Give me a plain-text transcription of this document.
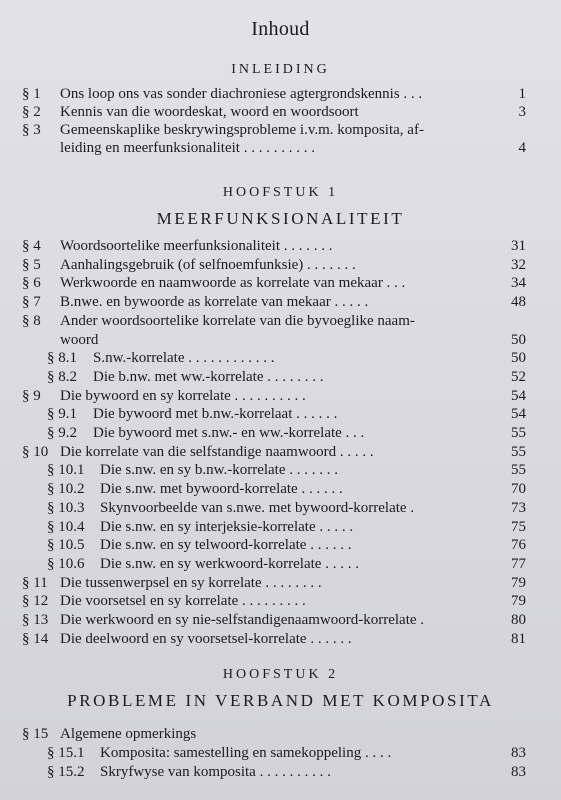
Inhoud
INLEIDING
§ 1 Ons loop ons vas sonder diachroniese agtergrondskennis . . .	1
§ 2 Kennis van die woordeskat, woord en woordsoort	3
§ 3 Gemeenskaplike beskrywingsprobleme i.v.m. komposita, af-
leiding en meerfunksionaliteit . . . . . . . . . .	4
HOOFSTUK 1
MEERFUNKSIONALITEIT
§ 4 Woordsoortelike meerfunksionaliteit . . . . . . .	31
§ 5 Aanhalingsgebruik (of selfnoemfunksie) . . . . . . .	32
§ 6 Werkwoorde en naamwoorde as korrelate van mekaar . . .	34
§ 7 B.nwe. en bywoorde as korrelate van mekaar . . . . .	48
§ 8 Ander woordsoortelike korrelate van die byvoeglike naam-
woord	50
§ 8.1 S.nw.-korrelate . . . . . . . . . . . .	50
§ 8.2 Die b.nw. met ww.-korrelate . . . . . . . .	52
§ 9 Die bywoord en sy korrelate . . . . . . . . . .	54
§ 9.1 Die bywoord met b.nw.-korrelaat . . . . . .	54
§ 9.2 Die bywoord met s.nw.- en ww.-korrelate . . .	55
§ 10 Die korrelate van die selfstandige naamwoord . . . . .	55
§ 10.1 Die s.nw. en sy b.nw.-korrelate . . . . . . .	55
§ 10.2 Die s.nw. met bywoord-korrelate . . . . . .	70
§ 10.3 Skynvoorbeelde van s.nwe. met bywoord-korrelate .	73
§ 10.4 Die s.nw. en sy interjeksie-korrelate . . . . .	75
§ 10.5 Die s.nw. en sy telwoord-korrelate . . . . . .	76
§ 10.6 Die s.nw. en sy werkwoord-korrelate . . . . .	77
§ 11 Die tussenwerpsel en sy korrelate . . . . . . . .	79
§ 12 Die voorsetsel en sy korrelate . . . . . . . . .	79
§ 13 Die werkwoord en sy nie-selfstandigenaamwoord-korrelate .	80
§ 14 Die deelwoord en sy voorsetsel-korrelate . . . . . .	81
HOOFSTUK 2
PROBLEME IN VERBAND MET KOMPOSITA
§ 15 Algemene opmerkings
§ 15.1 Komposita: samestelling en samekoppeling . . . .	83
§ 15.2 Skryfwyse van komposita . . . . . . . . . .	83
